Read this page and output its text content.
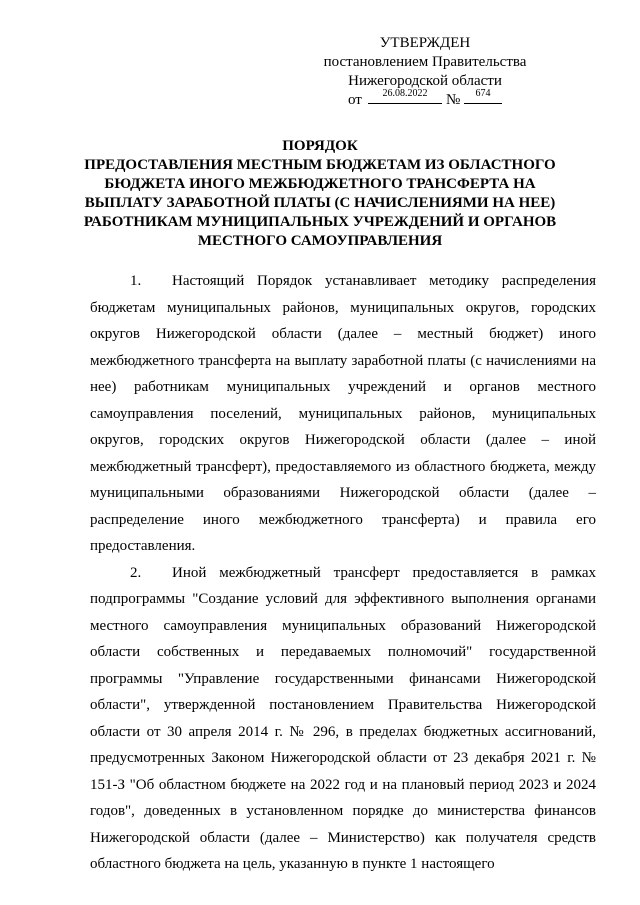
УТВЕРЖДЕН
постановлением Правительства
Нижегородской области
от	26.08.2022	№	674
ПОРЯДОК
ПРЕДОСТАВЛЕНИЯ МЕСТНЫМ БЮДЖЕТАМ ИЗ ОБЛАСТНОГО
БЮДЖЕТА ИНОГО МЕЖБЮДЖЕТНОГО ТРАНСФЕРТА НА
ВЫПЛАТУ ЗАРАБОТНОЙ ПЛАТЫ (С НАЧИСЛЕНИЯМИ НА НЕЕ)
РАБОТНИКАМ МУНИЦИПАЛЬНЫХ УЧРЕЖДЕНИЙ И ОРГАНОВ
МЕСТНОГО САМОУПРАВЛЕНИЯ

1. Настоящий Порядок устанавливает методику распределения бюджетам муниципальных районов, муниципальных округов, городских округов Нижегородской области (далее – местный бюджет) иного межбюджетного трансферта на выплату заработной платы (с начислениями на нее) работникам муниципальных учреждений и органов местного самоуправления поселений, муниципальных районов, муниципальных округов, городских округов Нижегородской области (далее – иной межбюджетный трансферт), предоставляемого из областного бюджета, между муниципальными образованиями Нижегородской области (далее – распределение иного межбюджетного трансферта) и правила его предоставления.

2. Иной межбюджетный трансферт предоставляется в рамках подпрограммы "Создание условий для эффективного выполнения органами местного самоуправления муниципальных образований Нижегородской области собственных и передаваемых полномочий" государственной программы "Управление государственными финансами Нижегородской области", утвержденной постановлением Правительства Нижегородской области от 30 апреля 2014 г. № 296, в пределах бюджетных ассигнований, предусмотренных Законом Нижегородской области от 23 декабря 2021 г. № 151-З "Об областном бюджете на 2022 год и на плановый период 2023 и 2024 годов", доведенных в установленном порядке до министерства финансов Нижегородской области (далее – Министерство) как получателя средств областного бюджета на цель, указанную в пункте 1 настоящего
